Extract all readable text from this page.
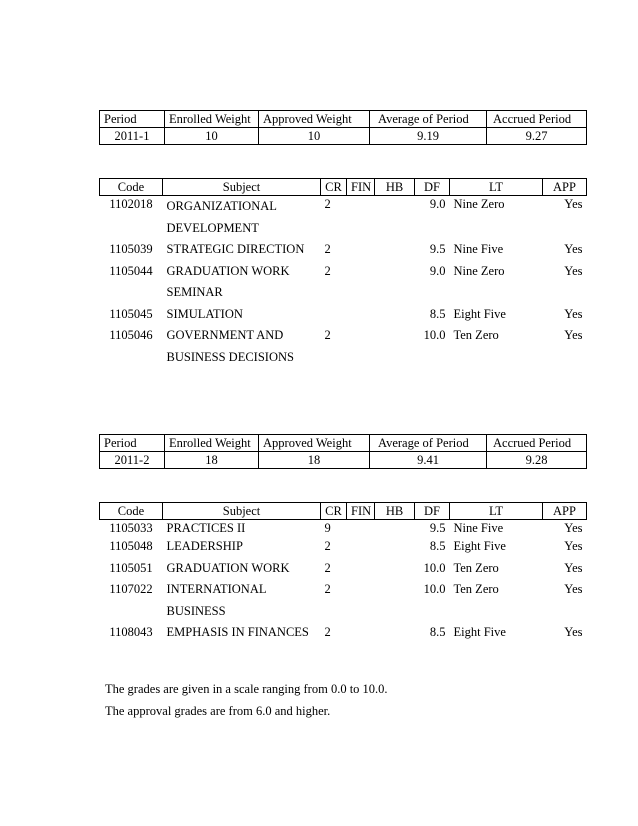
Period	Enrolled Weight	Approved Weight	Average of Period	Accrued Period
2011-1	10	10	9.19	9.27
Code	Subject	CR	FIN	HB	DF	LT	APP
1102018	ORGANIZATIONAL DEVELOPMENT	2			9.0	Nine Zero	Yes
1105039	STRATEGIC DIRECTION	2			9.5	Nine Five	Yes
1105044	GRADUATION WORK SEMINAR	2			9.0	Nine Zero	Yes
1105045	SIMULATION				8.5	Eight Five	Yes
1105046	GOVERNMENT AND BUSINESS DECISIONS	2			10.0	Ten Zero	Yes
Period	Enrolled Weight	Approved Weight	Average of Period	Accrued Period
2011-2	18	18	9.41	9.28
Code	Subject	CR	FIN	HB	DF	LT	APP
1105033	PRACTICES II	9			9.5	Nine Five	Yes
1105048	LEADERSHIP	2			8.5	Eight Five	Yes
1105051	GRADUATION WORK	2			10.0	Ten Zero	Yes
1107022	INTERNATIONAL BUSINESS	2			10.0	Ten Zero	Yes
1108043	EMPHASIS IN FINANCES	2			8.5	Eight Five	Yes

The grades are given in a scale ranging from 0.0 to 10.0.

The approval grades are from 6.0 and higher.
